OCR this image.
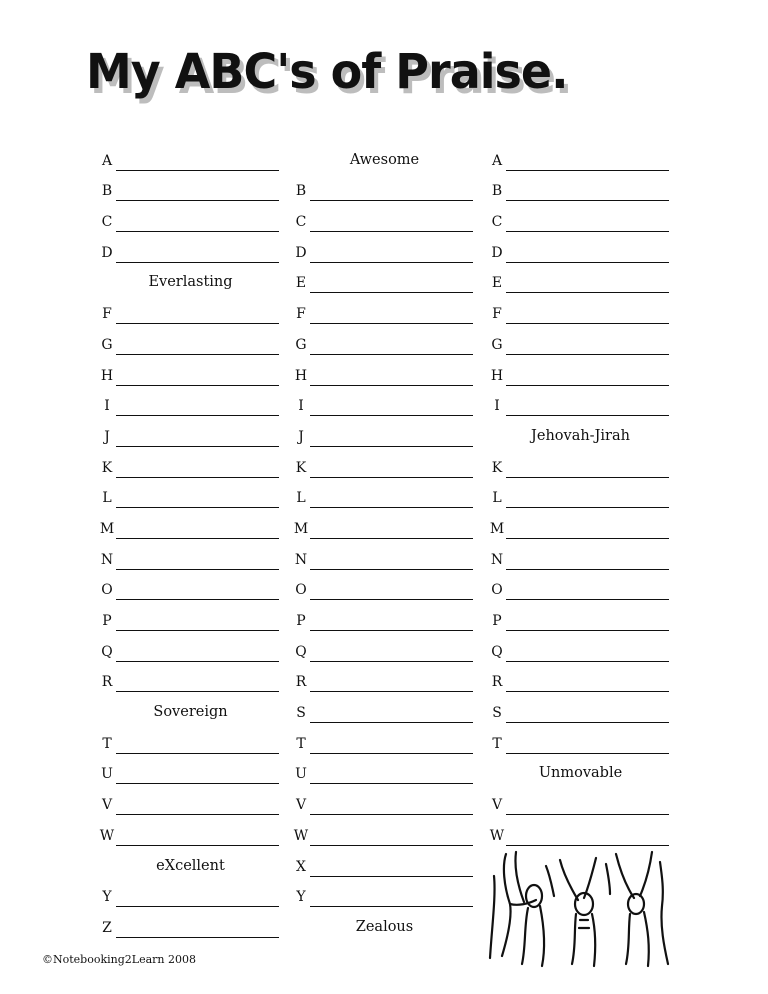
My ABC's of Praise.
A
B
C
D
Everlasting
F
G
H
I
J
K
L
M
N
O
P
Q
R
Sovereign
T
U
V
W
eXcellent
Y
Z
Awesome
B
C
D
E
F
G
H
I
J
K
L
M
N
O
P
Q
R
S
T
U
V
W
X
Y
Zealous
A
B
C
D
E
F
G
H
I
Jehovah-Jirah
K
L
M
N
O
P
Q
R
S
T
Unmovable
V
W
©Notebooking2Learn 2008
